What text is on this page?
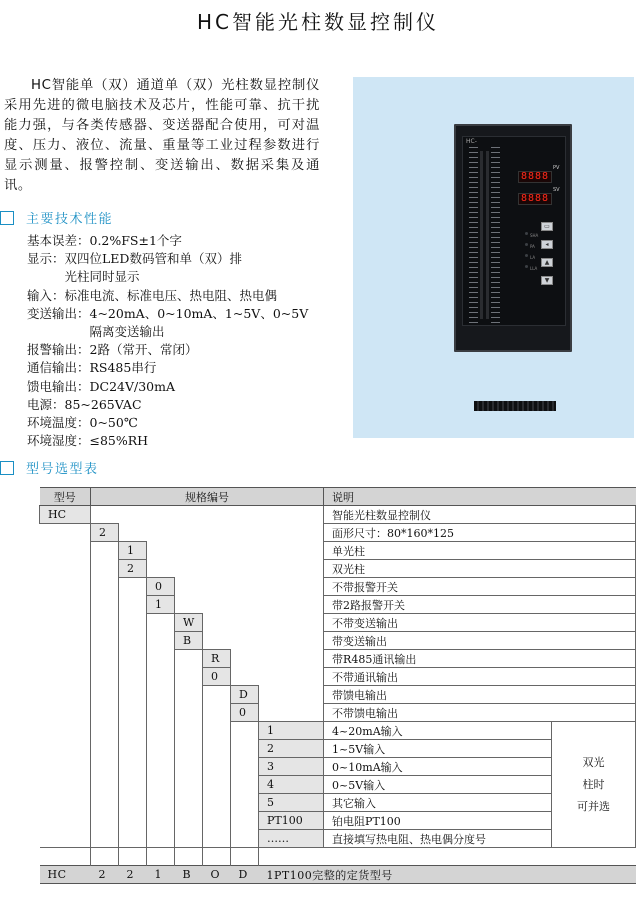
HC智能光柱数显控制仪
HC智能单（双）通道单（双）光柱数显控制仪采用先进的微电脑技术及芯片，性能可靠、抗干扰能力强，与各类传感器、变送器配合使用，可对温度、压力、液位、流量、重量等工业过程参数进行显示测量、报警控制、变送输出、数据采集及通讯。
主要技术性能
基本误差：0.2%FS±1个字
显示：双四位LED数码管和单（双）排
　　　光柱同时显示
输入：标准电流、标准电压、热电阻、热电偶
变送输出：4~20mA、0~10mA、1~5V、0~5V
　　　　　隔离变送输出
报警输出：2路（常开、常闭）
通信输出：RS485串行
馈电输出：DC24V/30mA
电源：85~265VAC
环境温度：0~50℃
环境湿度：≤85%RH
HC-
PV
8888
SV
8888
SHA
PA
LA
LLA
▭
◂
▲
▼
型号选型表
型号	规格编号							说明	
HC								智能光柱数显控制仪	
	2							面形尺寸：80*160*125	
		1						单光柱	
		2						双光柱	
			0					不带报警开关	
			1					带2路报警开关	
				W				不带变送输出	
				B				带变送输出	
					R			带R485通讯输出	
					0			不带通讯输出	
						D		带馈电输出	
						0		不带馈电输出	
							1	4~20mA输入	双光
柱时
可并选

							2	1~5V输入	
							3	0~10mA输入	
							4	0~5V输入	
							5	其它输入	
							PT100	铂电阻PT100	
							……	直接填写热电阻、热电偶分度号	

HC	2	2	1	B	O	D	1PT100完整的定货型号		
